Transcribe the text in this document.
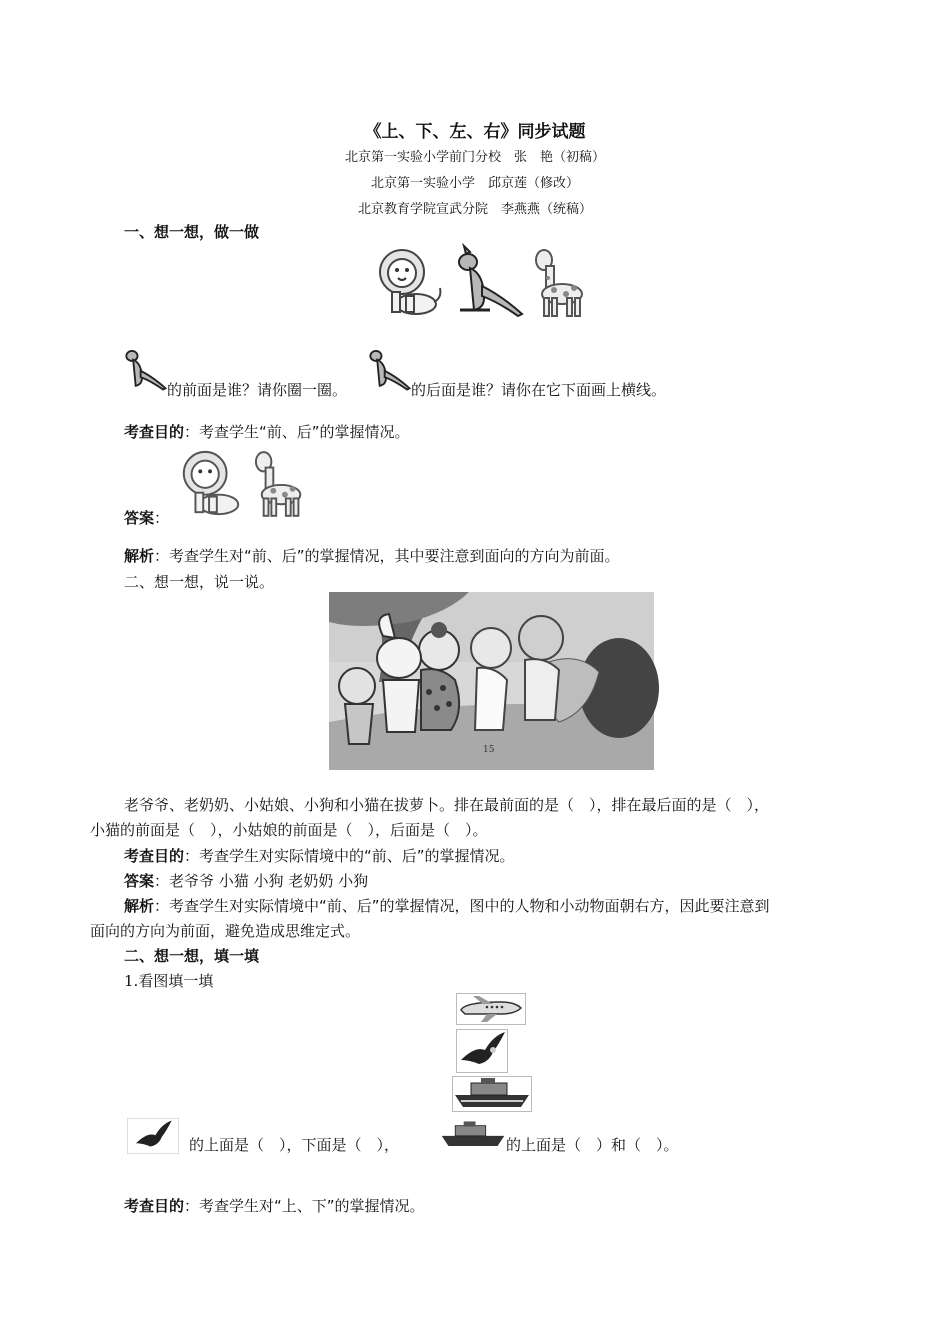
《上、下、左、右》同步试题
北京第一实验小学前门分校　张　艳（初稿）
北京第一实验小学　邱京莲（修改）
北京教育学院宣武分院　李燕燕（统稿）
一、想一想，做一做
的前面是谁？请你圈一圈。	的后面是谁？请你在它下面画上横线。
考查目的：考查学生“前、后”的掌握情况。
答案：
解析：考查学生对“前、后”的掌握情况，其中要注意到面向的方向为前面。
二、想一想，说一说。
15
老爷爷、老奶奶、小姑娘、小狗和小猫在拔萝卜。排在最前面的是（　），排在最后面的是（　），
小猫的前面是（　），小姑娘的前面是（　），后面是（　）。
考查目的：考查学生对实际情境中的“前、后”的掌握情况。
答案：老爷爷 小猫 小狗 老奶奶 小狗
解析：考查学生对实际情境中“前、后”的掌握情况，图中的人物和小动物面朝右方，因此要注意到
面向的方向为前面，避免造成思维定式。
二、想一想，填一填
1.看图填一填
的上面是（　），下面是（　），	的上面是（　）和（　）。
考查目的：考查学生对“上、下”的掌握情况。
